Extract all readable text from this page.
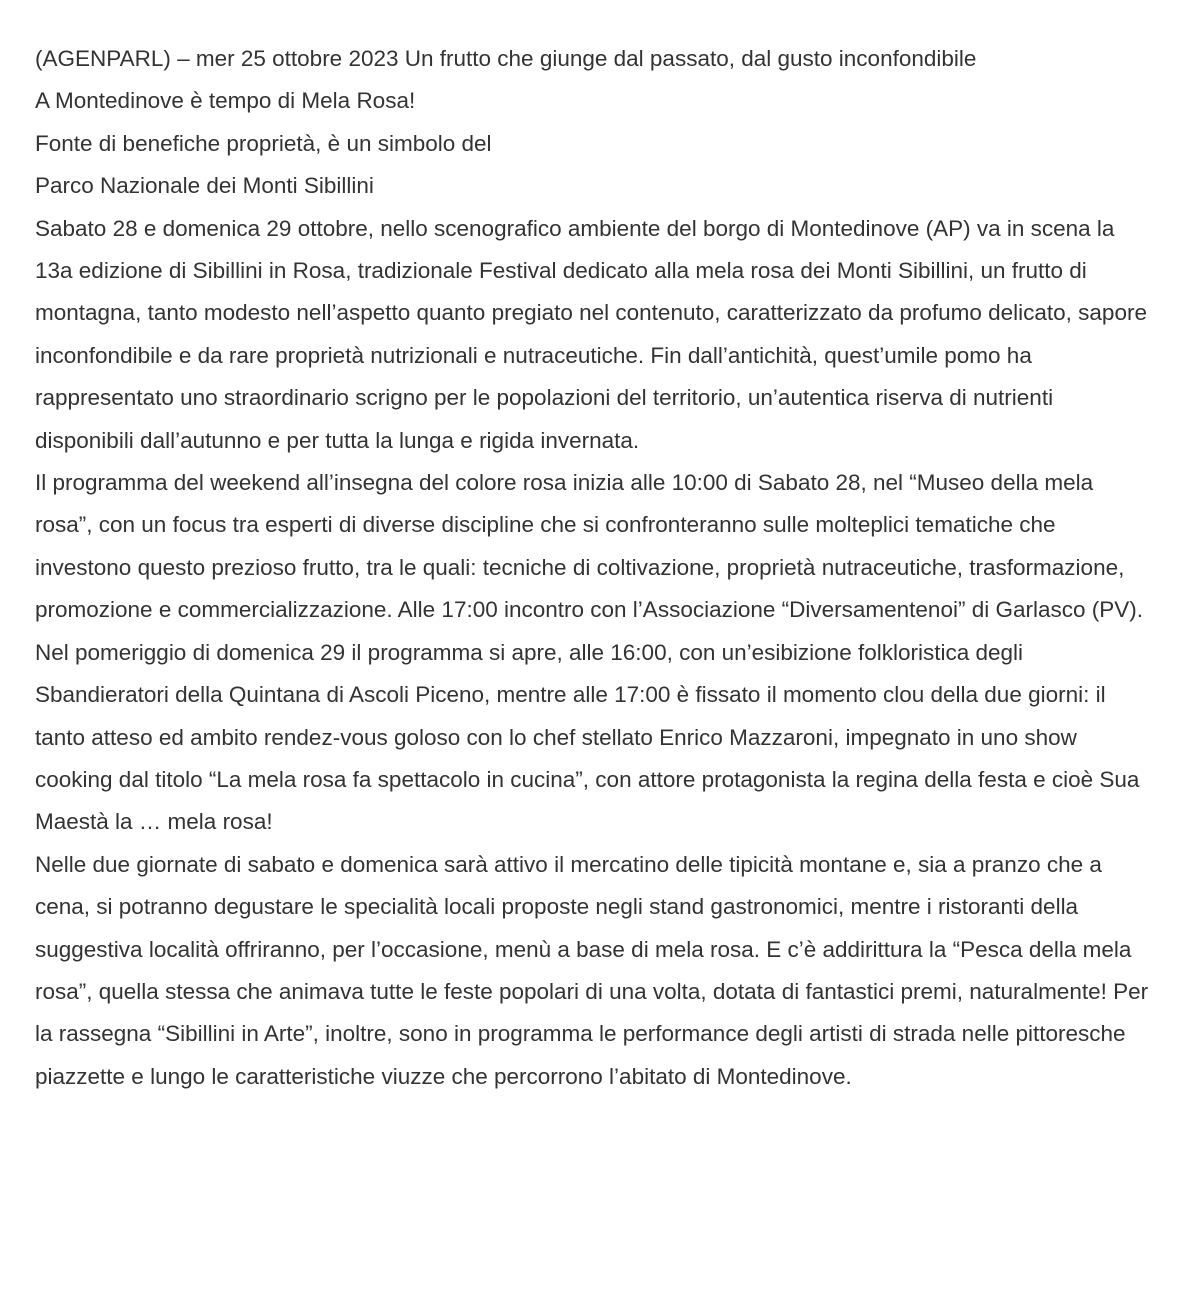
(AGENPARL) – mer 25 ottobre 2023 Un frutto che giunge dal passato, dal gusto inconfondibile

A Montedinove è tempo di Mela Rosa!

Fonte di benefiche proprietà, è un simbolo del

Parco Nazionale dei Monti Sibillini

Sabato 28 e domenica 29 ottobre, nello scenografico ambiente del borgo di Montedinove (AP) va in scena la 13a edizione di Sibillini in Rosa, tradizionale Festival dedicato alla mela rosa dei Monti Sibillini, un frutto di montagna, tanto modesto nell’aspetto quanto pregiato nel contenuto, caratterizzato da profumo delicato, sapore inconfondibile e da rare proprietà nutrizionali e nutraceutiche. Fin dall’antichità, quest’umile pomo ha rappresentato uno straordinario scrigno per le popolazioni del territorio, un’autentica riserva di nutrienti disponibili dall’autunno e per tutta la lunga e rigida invernata.

Il programma del weekend all’insegna del colore rosa inizia alle 10:00 di Sabato 28, nel “Museo della mela rosa”, con un focus tra esperti di diverse discipline che si confronteranno sulle molteplici tematiche che investono questo prezioso frutto, tra le quali: tecniche di coltivazione, proprietà nutraceutiche, trasformazione, promozione e commercializzazione. Alle 17:00 incontro con l’Associazione “Diversamentenoi” di Garlasco (PV).

Nel pomeriggio di domenica 29 il programma si apre, alle 16:00, con un’esibizione folkloristica degli Sbandieratori della Quintana di Ascoli Piceno, mentre alle 17:00 è fissato il momento clou della due giorni: il tanto atteso ed ambito rendez-vous goloso con lo chef stellato Enrico Mazzaroni, impegnato in uno show cooking dal titolo “La mela rosa fa spettacolo in cucina”, con attore protagonista la regina della festa e cioè Sua Maestà la … mela rosa!

Nelle due giornate di sabato e domenica sarà attivo il mercatino delle tipicità montane e, sia a pranzo che a cena, si potranno degustare le specialità locali proposte negli stand gastronomici, mentre i ristoranti della suggestiva località offriranno, per l’occasione, menù a base di mela rosa. E c’è addirittura la “Pesca della mela rosa”, quella stessa che animava tutte le feste popolari di una volta, dotata di fantastici premi, naturalmente! Per la rassegna “Sibillini in Arte”, inoltre, sono in programma le performance degli artisti di strada nelle pittoresche piazzette e lungo le caratteristiche viuzze che percorrono l’abitato di Montedinove.
